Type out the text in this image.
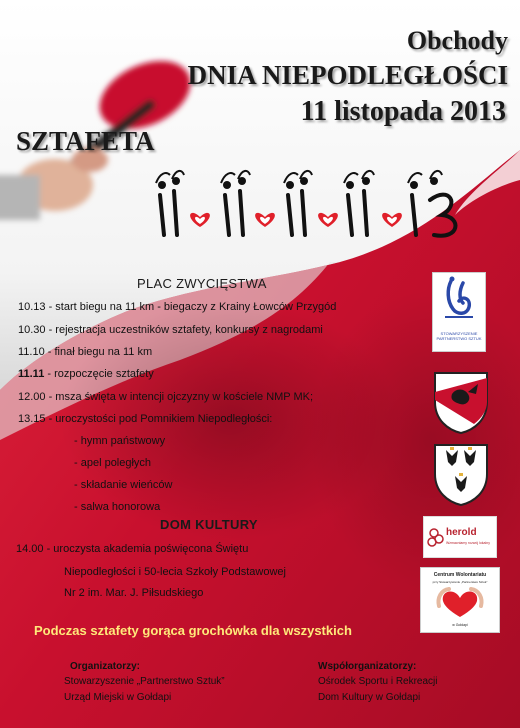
Obchody
DNIA NIEPODLEGŁOŚCI
11 listopada 2013
SZTAFETA
PLAC ZWYCIĘSTWA

10.13 - start biegu na 11 km - biegaczy z Krainy Łowców Przygód

10.30 - rejestracja uczestników sztafety, konkursy z nagrodami

11.10 - finał biegu na 11 km

11.11 - rozpoczęcie sztafety

12.00 - msza święta w intencji ojczyzny w kościele NMP MK;

13.15 - uroczystości pod Pomnikiem Niepodległości:

- hymn państwowy

- apel poległych

- składanie wieńców

- salwa honorowa

DOM KULTURY

14.00 - uroczysta akademia poświęcona Świętu

Niepodległości i 50-lecia Szkoły Podstawowej

Nr 2 im. Mar. J. Piłsudskiego

Podczas sztafety gorąca grochówka dla wszystkich

Organizatorzy:

Stowarzyszenie „Partnerstwo Sztuk”

Urząd Miejski w Gołdapi

Współorganizatorzy:

Ośrodek Sportu i Rekreacji

Dom Kultury w Gołdapi

STOWARZYSZENIE PARTNERSTWO SZTUK
herold
Wzmacniamy rozwój lokalny
Centrum Wolontariatu
przy Stowarzyszeniu „Partnerstwo Sztuk”
w Gołdapi
